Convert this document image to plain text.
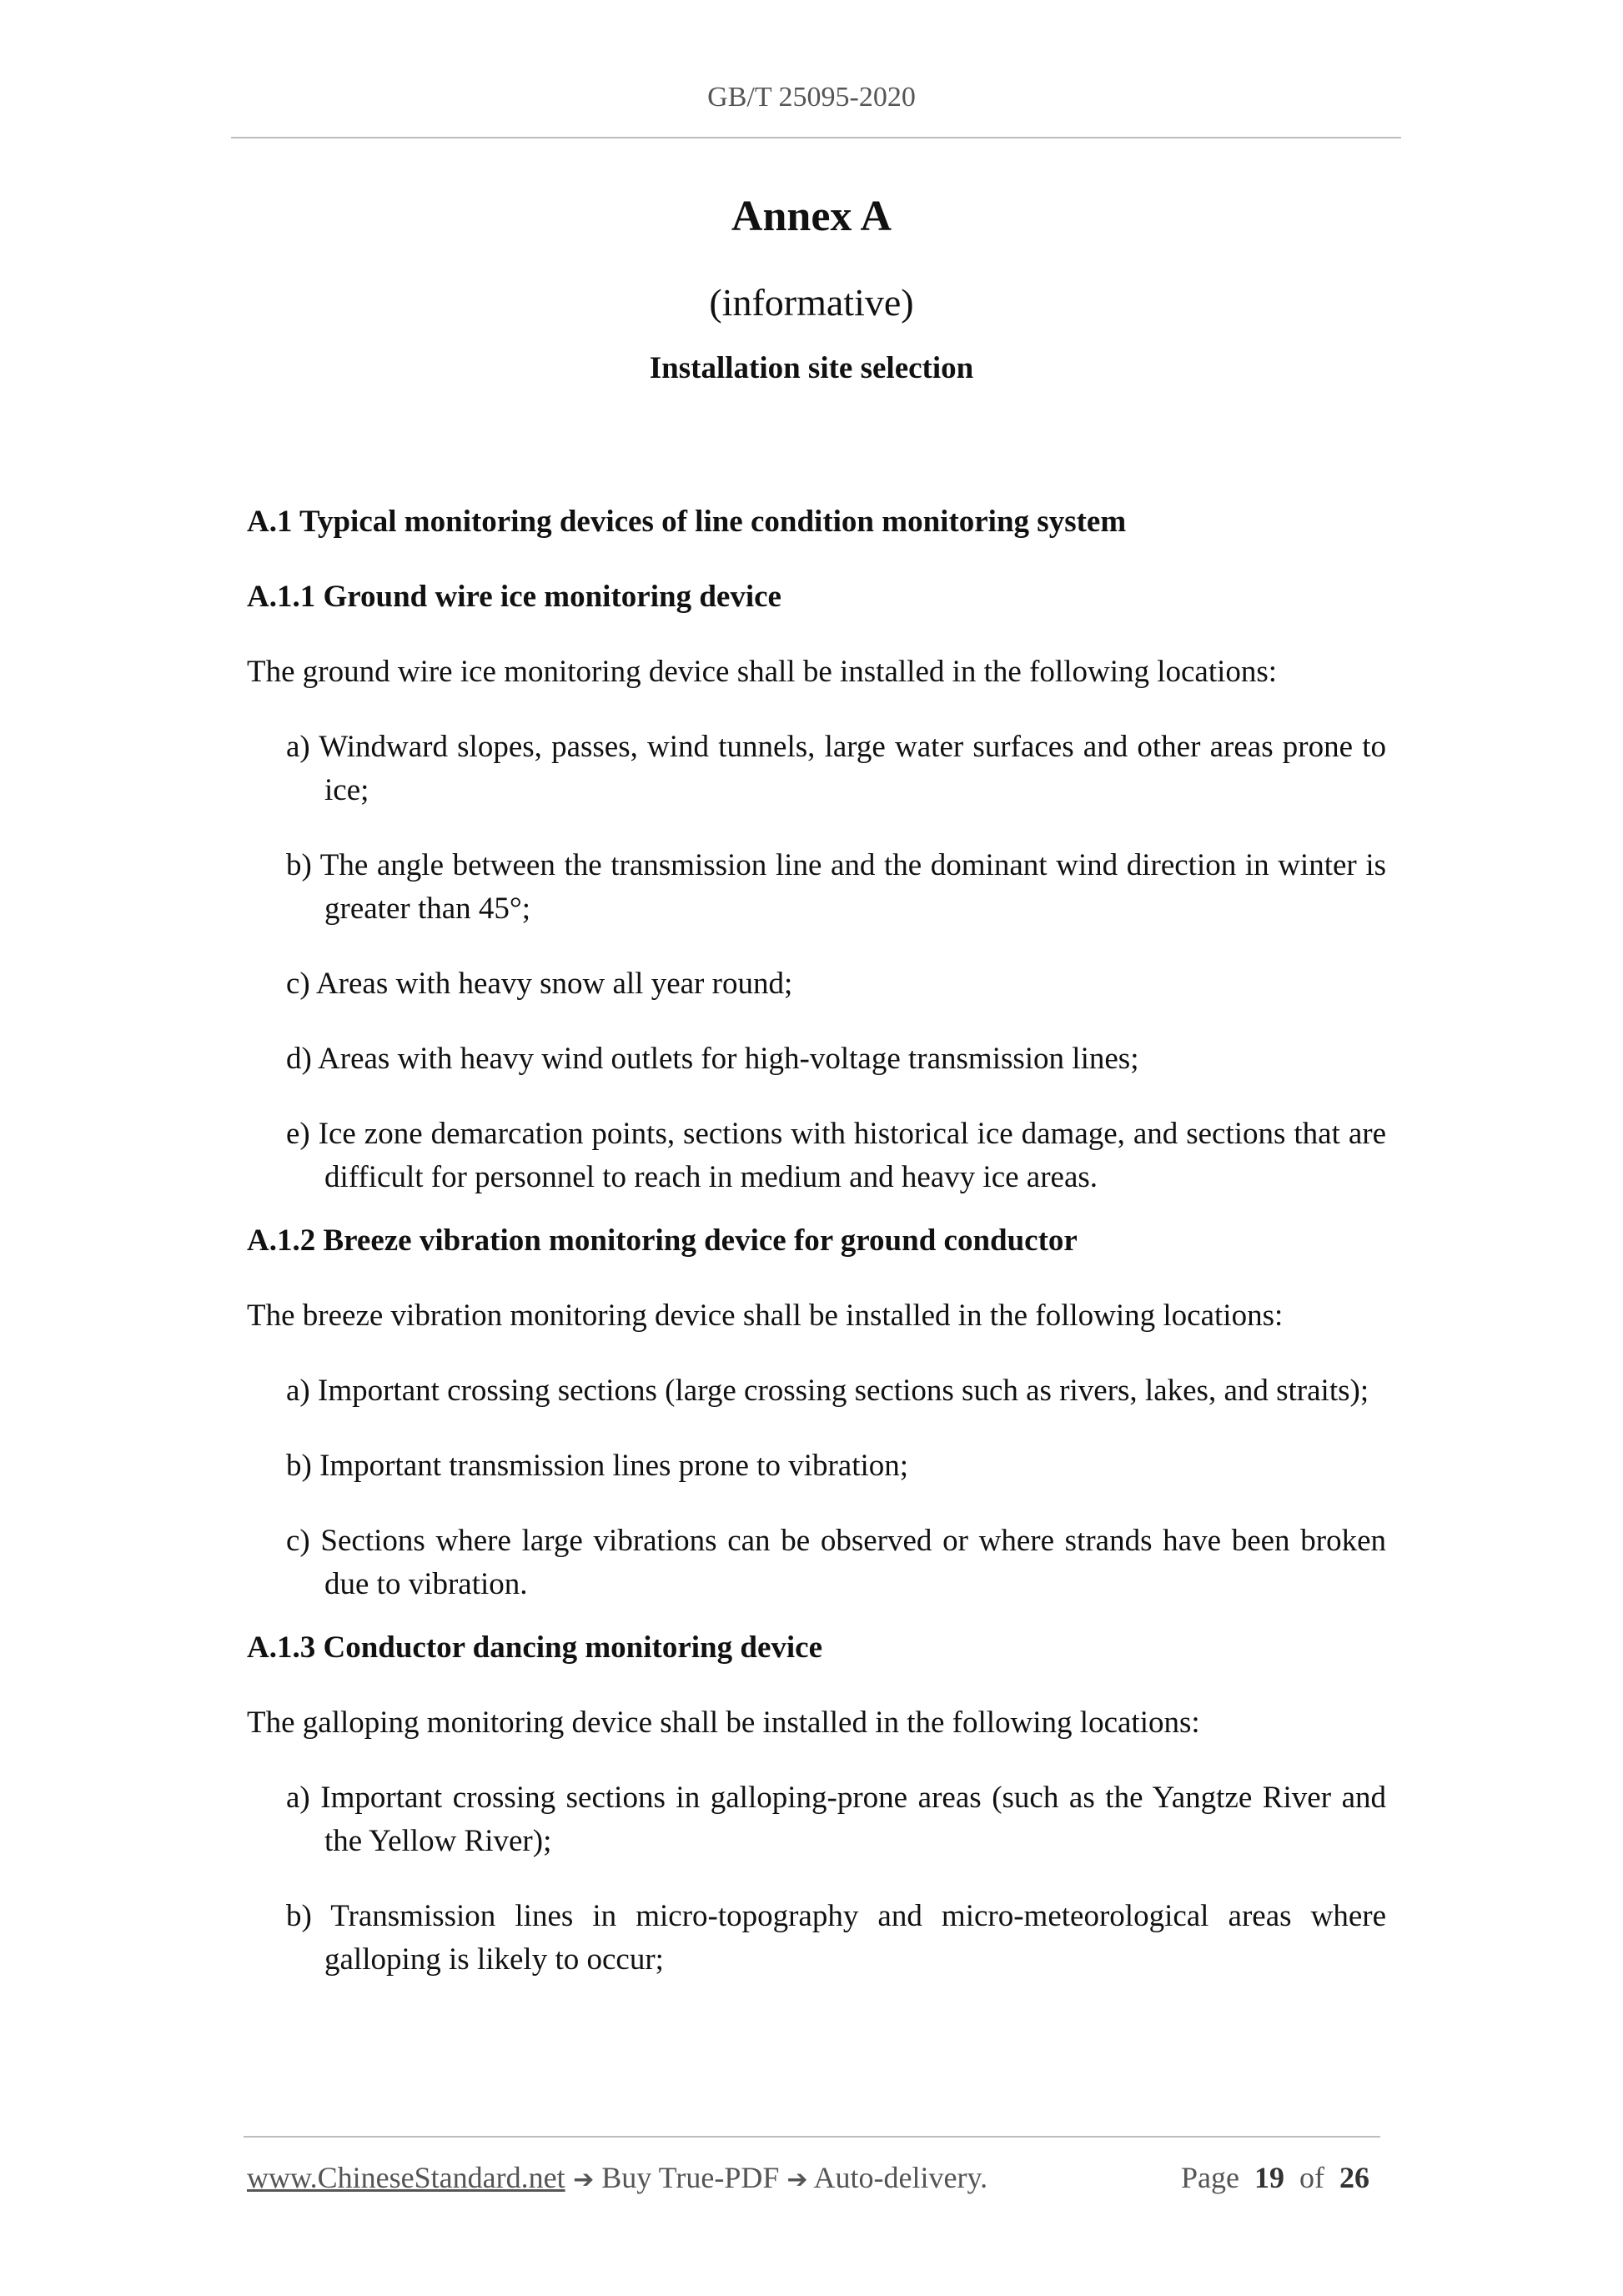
GB/T 25095-2020
Annex A
(informative)
Installation site selection
A.1 Typical monitoring devices of line condition monitoring system
A.1.1 Ground wire ice monitoring device
The ground wire ice monitoring device shall be installed in the following locations:
a) Windward slopes, passes, wind tunnels, large water surfaces and other areas prone to ice;
b) The angle between the transmission line and the dominant wind direction in winter is greater than 45°;
c) Areas with heavy snow all year round;
d) Areas with heavy wind outlets for high-voltage transmission lines;
e) Ice zone demarcation points, sections with historical ice damage, and sections that are difficult for personnel to reach in medium and heavy ice areas.
A.1.2 Breeze vibration monitoring device for ground conductor
The breeze vibration monitoring device shall be installed in the following locations:
a) Important crossing sections (large crossing sections such as rivers, lakes, and straits);
b) Important transmission lines prone to vibration;
c) Sections where large vibrations can be observed or where strands have been broken due to vibration.
A.1.3 Conductor dancing monitoring device
The galloping monitoring device shall be installed in the following locations:
a) Important crossing sections in galloping-prone areas (such as the Yangtze River and the Yellow River);
b) Transmission lines in micro-topography and micro-meteorological areas where galloping is likely to occur;
www.ChineseStandard.net ➔ Buy True-PDF ➔ Auto-delivery.	Page 19 of 26
